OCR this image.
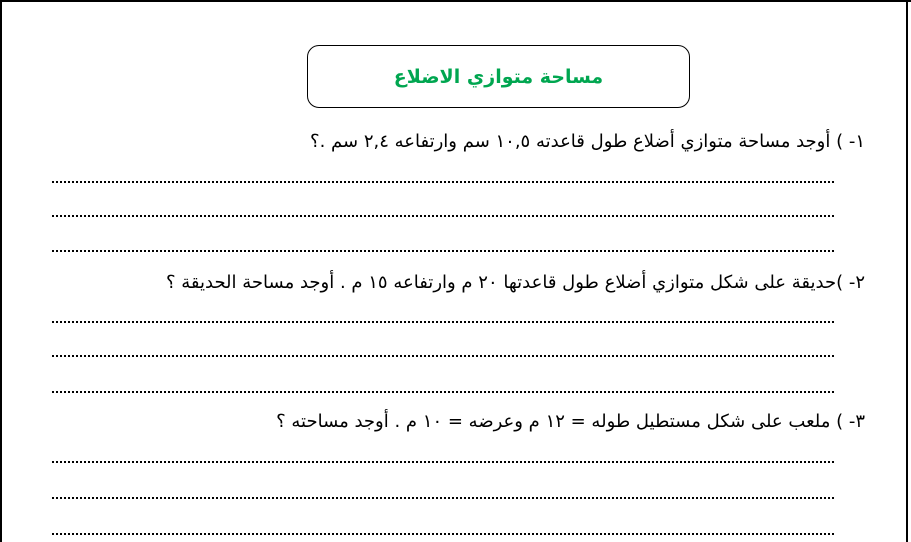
مساحة متوازي الاضلاع
١- ) أوجد مساحة متوازي أضلاع طول قاعدته ١٠,٥ سم وارتفاعه ٢,٤ سم .؟
٢- )حديقة على شكل متوازي أضلاع طول قاعدتها ٢٠ م وارتفاعه ١٥ م . أوجد مساحة الحديقة ؟
٣- ) ملعب على شكل مستطيل طوله = ١٢ م وعرضه = ١٠ م . أوجد مساحته ؟
